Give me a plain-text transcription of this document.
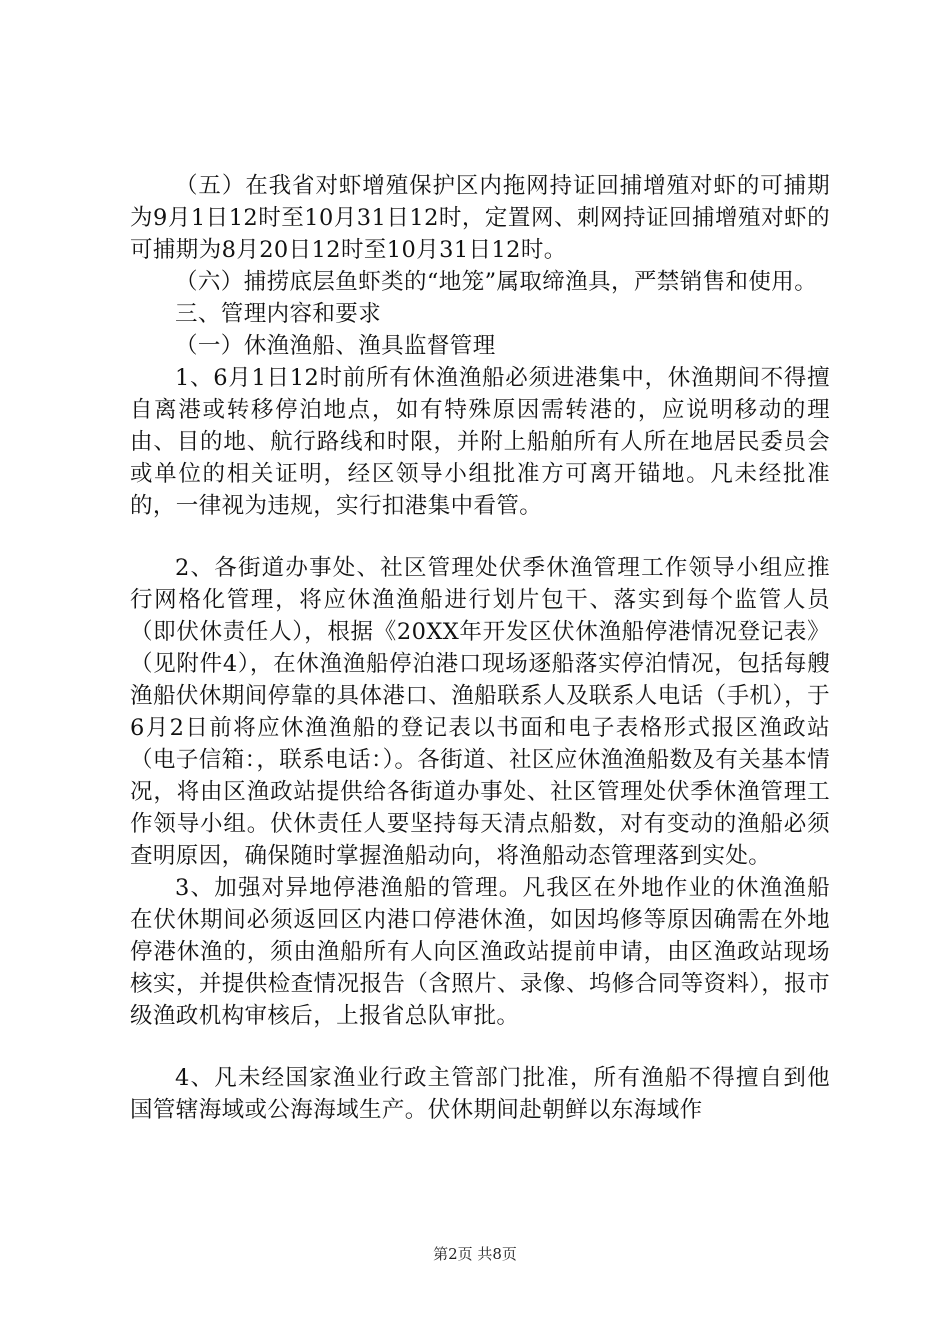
（五）在我省对虾增殖保护区内拖网持证回捕增殖对虾的可捕期为9月1日12时至10月31日12时，定置网、刺网持证回捕增殖对虾的可捕期为8月20日12时至10月31日12时。

（六）捕捞底层鱼虾类的“地笼”属取缔渔具，严禁销售和使用。

三、管理内容和要求

（一）休渔渔船、渔具监督管理

1、6月1日12时前所有休渔渔船必须进港集中，休渔期间不得擅自离港或转移停泊地点，如有特殊原因需转港的，应说明移动的理由、目的地、航行路线和时限，并附上船舶所有人所在地居民委员会或单位的相关证明，经区领导小组批准方可离开锚地。凡未经批准的，一律视为违规，实行扣港集中看管。

2、各街道办事处、社区管理处伏季休渔管理工作领导小组应推行网格化管理，将应休渔渔船进行划片包干、落实到每个监管人员（即伏休责任人），根据《20XX年开发区伏休渔船停港情况登记表》（见附件4），在休渔渔船停泊港口现场逐船落实停泊情况，包括每艘渔船伏休期间停靠的具体港口、渔船联系人及联系人电话（手机），于6月2日前将应休渔渔船的登记表以书面和电子表格形式报区渔政站（电子信箱：，联系电话：）。各街道、社区应休渔渔船数及有关基本情况，将由区渔政站提供给各街道办事处、社区管理处伏季休渔管理工作领导小组。伏休责任人要坚持每天清点船数，对有变动的渔船必须查明原因，确保随时掌握渔船动向，将渔船动态管理落到实处。

3、加强对异地停港渔船的管理。凡我区在外地作业的休渔渔船在伏休期间必须返回区内港口停港休渔，如因坞修等原因确需在外地停港休渔的，须由渔船所有人向区渔政站提前申请，由区渔政站现场核实，并提供检查情况报告（含照片、录像、坞修合同等资料），报市级渔政机构审核后，上报省总队审批。

4、凡未经国家渔业行政主管部门批准，所有渔船不得擅自到他国管辖海域或公海海域生产。伏休期间赴朝鲜以东海域作

第2页 共8页
